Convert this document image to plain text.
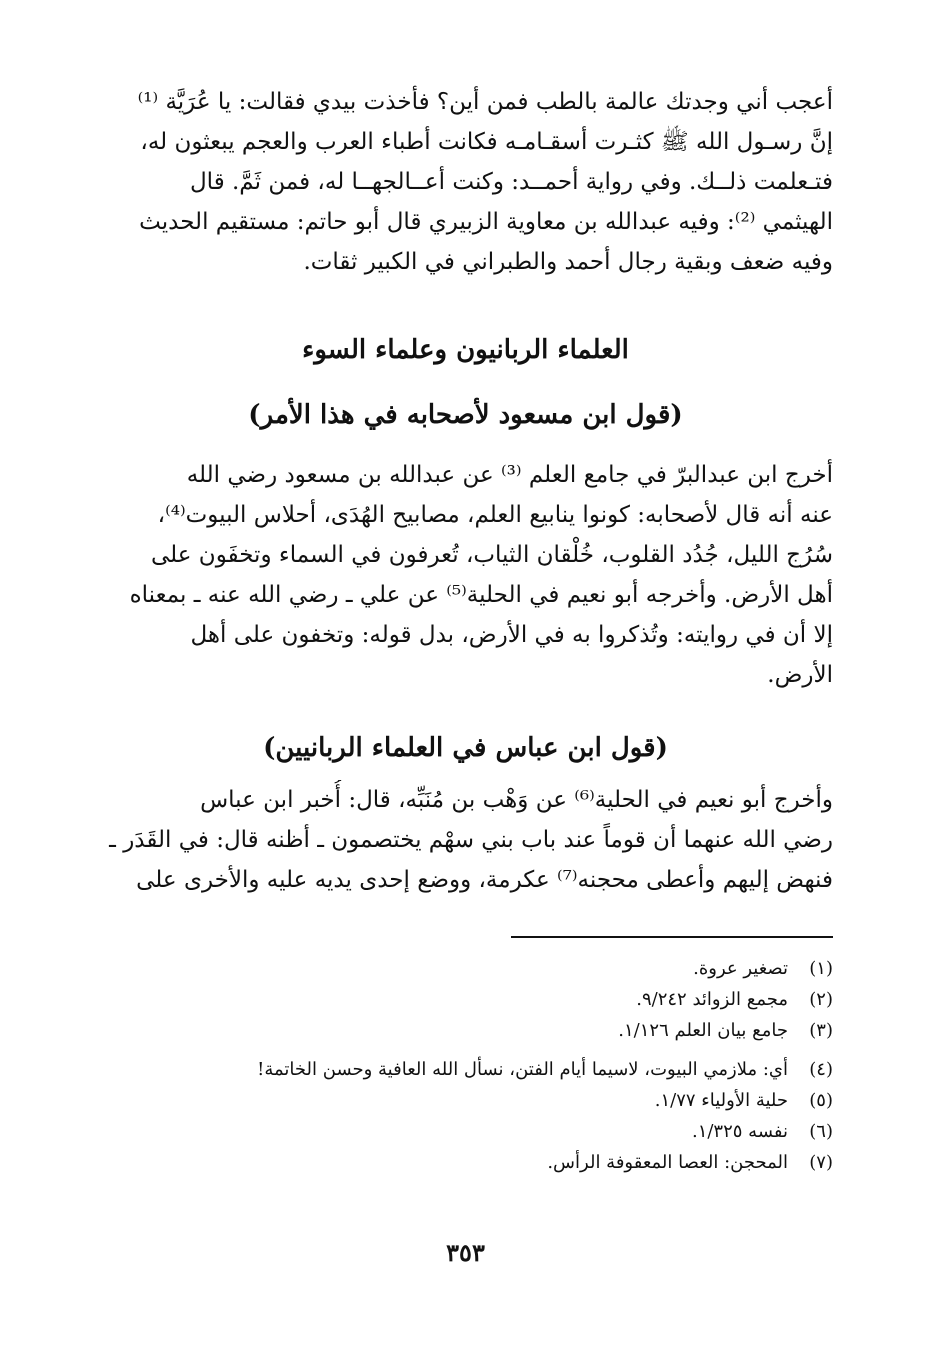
أعجب أني وجدتك عالمة بالطب فمن أين؟ فأخذت بيدي فقالت: يا عُرَيَّة ⁽¹⁾
إنَّ رسـول الله ﷺ كثـرت أسقـامـه فكانت أطباء العرب والعجم يبعثون له،
فتـعلمت ذلــك. وفي رواية أحمــد: وكنت أعــالجهــا له، فمن ثَمَّ. قال
الهيثمي ⁽²⁾: وفيه عبدالله بن معاوية الزبيري قال أبو حاتم: مستقيم الحديث
وفيه ضعف وبقية رجال أحمد والطبراني في الكبير ثقات.
العلماء الربانيون وعلماء السوء
(قول ابن مسعود لأصحابه في هذا الأمر)
أخرج ابن عبدالبرّ في جامع العلم ⁽³⁾ عن عبدالله بن مسعود رضي الله
عنه أنه قال لأصحابه: كونوا ينابيع العلم، مصابيح الهُدَى، أحلاس البيوت⁽⁴⁾،
سُرُج الليل، جُدُد القلوب، خُلْقان الثياب، تُعرفون في السماء وتخفَون على
أهل الأرض. وأخرجه أبو نعيم في الحلية⁽⁵⁾ عن علي ـ رضي الله عنه ـ بمعناه
إلا أن في روايته: وتُذكروا به في الأرض، بدل قوله: وتخفون على أهل
الأرض.
(قول ابن عباس في العلماء الربانيين)
وأخرج أبو نعيم في الحلية⁽⁶⁾ عن وَهْب بن مُنَبِّه، قال: أُخبر ابن عباس
رضي الله عنهما أن قوماً عند باب بني سهْم يختصمون ـ أظنه قال: في القَدَر ـ
فنهض إليهم وأعطى محجنه⁽⁷⁾ عكرمة، ووضع إحدى يديه عليه والأخرى على
(١)
تصغير عروة.
(٢)
مجمع الزوائد ٩/٢٤٢.
(٣)
جامع بيان العلم ١/١٢٦.
(٤)
أي: ملازمي البيوت، لاسيما أيام الفتن، نسأل الله العافية وحسن الخاتمة!
(٥)
حلية الأولياء ١/٧٧.
(٦)
نفسه ١/٣٢٥.
(٧)
المحجن: العصا المعقوفة الرأس.
٣٥٣
